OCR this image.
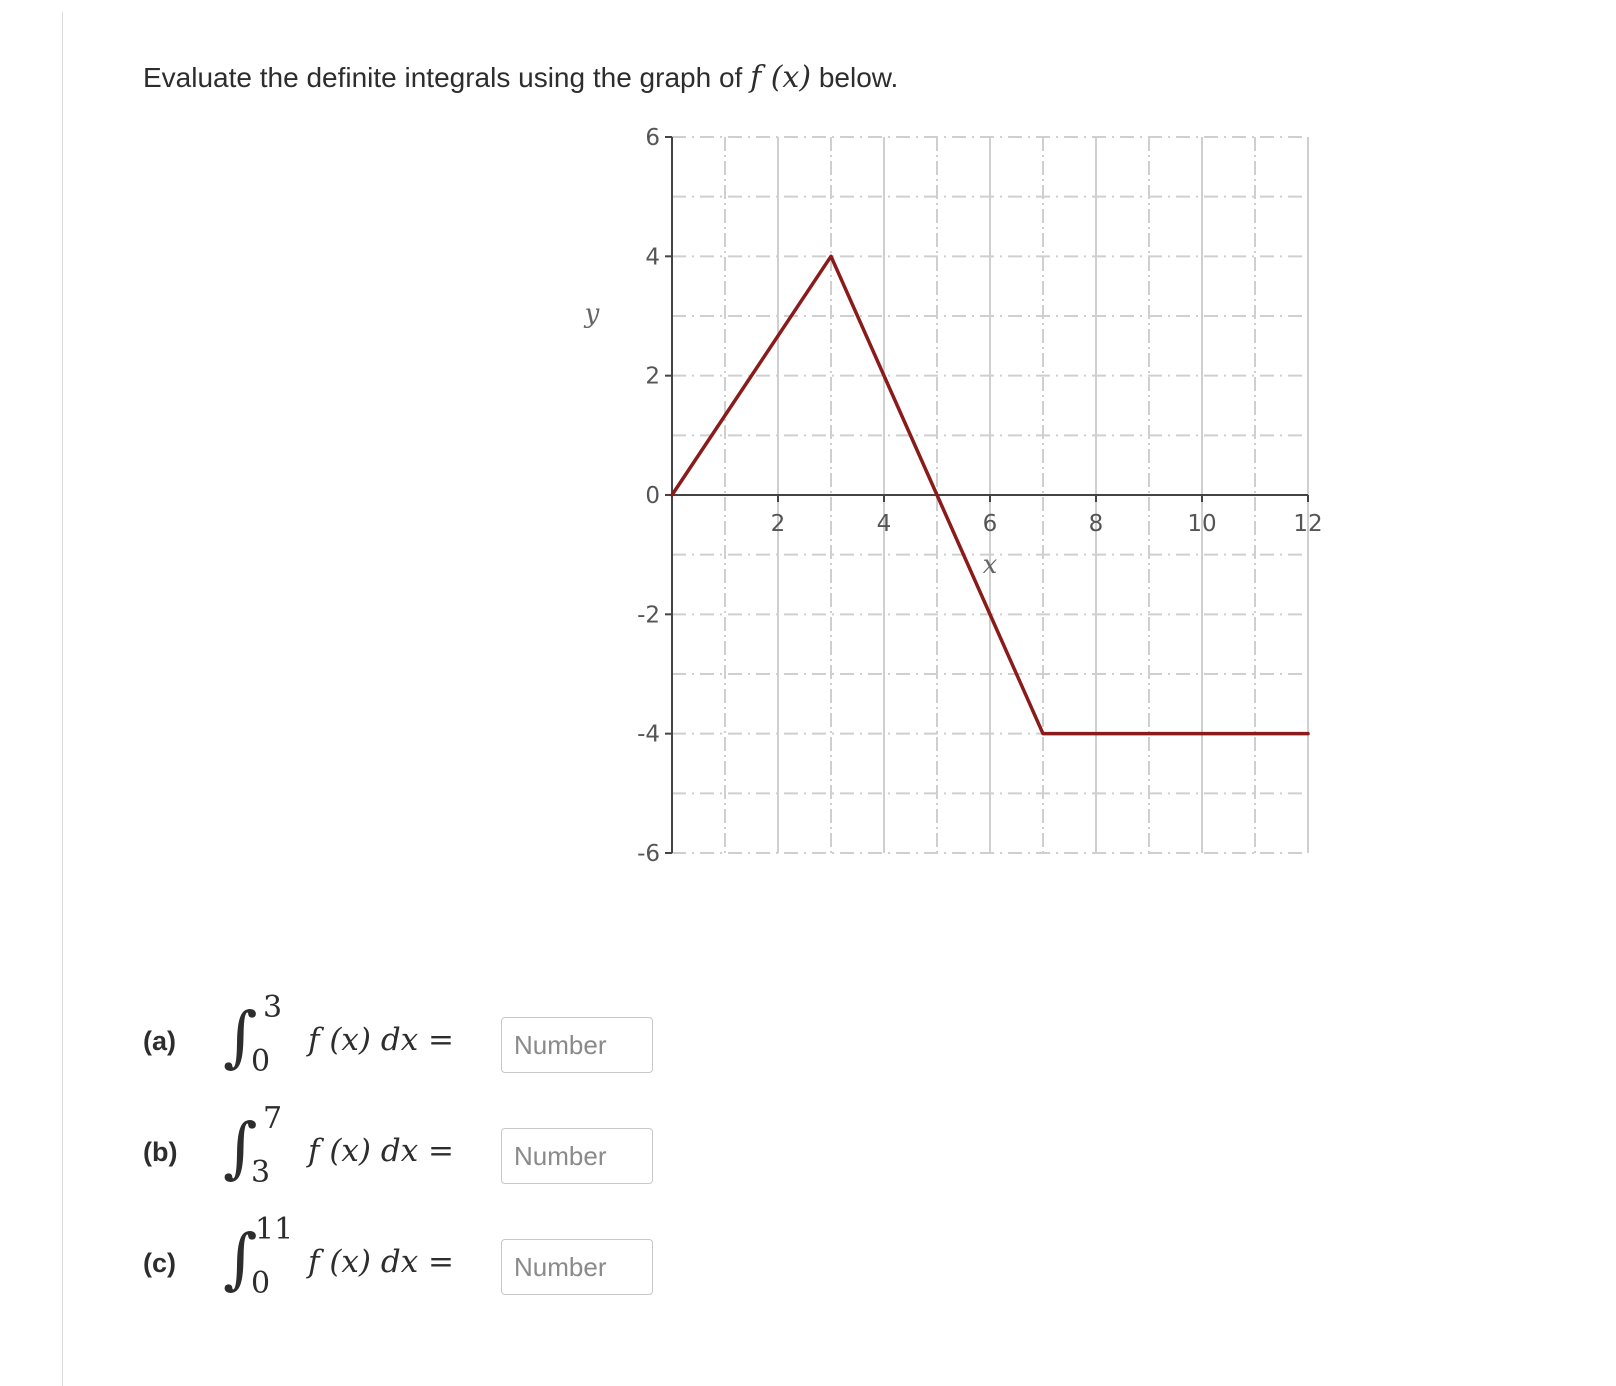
Evaluate the definite integrals using the graph of f (x) below.
6
4
2
0
-2
-4
-6
2	4	6	8	10	12
x
y
(a) ∫ 3
0
f (x) dx =
Number
(b) ∫ 7
3
f (x) dx =
Number
(c) ∫
11
0
f (x) dx =
Number
